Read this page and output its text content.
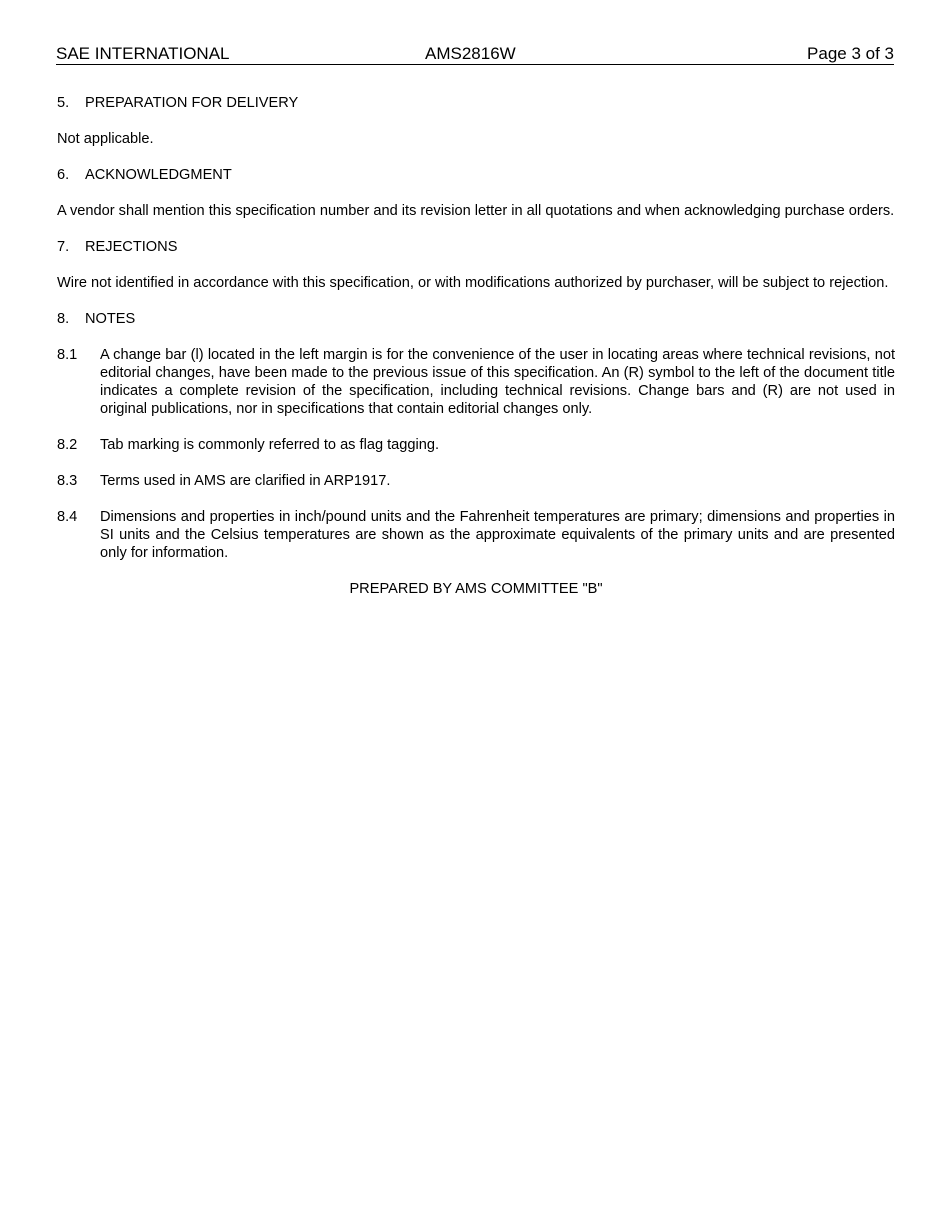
SAE INTERNATIONAL	AMS2816W	Page 3 of 3
5.	PREPARATION FOR DELIVERY

Not applicable.

6.	ACKNOWLEDGMENT

A vendor shall mention this specification number and its revision letter in all quotations and when acknowledging purchase orders.

7.	REJECTIONS

Wire not identified in accordance with this specification, or with modifications authorized by purchaser, will be subject to rejection.

8.	NOTES
8.1	A change bar (l) located in the left margin is for the convenience of the user in locating areas where technical revisions, not editorial changes, have been made to the previous issue of this specification. An (R) symbol to the left of the document title indicates a complete revision of the specification, including technical revisions. Change bars and (R) are not used in original publications, nor in specifications that contain editorial changes only.
8.2	Tab marking is commonly referred to as flag tagging.
8.3	Terms used in AMS are clarified in ARP1917.
8.4	Dimensions and properties in inch/pound units and the Fahrenheit temperatures are primary; dimensions and properties in SI units and the Celsius temperatures are shown as the approximate equivalents of the primary units and are presented only for information.

PREPARED BY AMS COMMITTEE "B"
